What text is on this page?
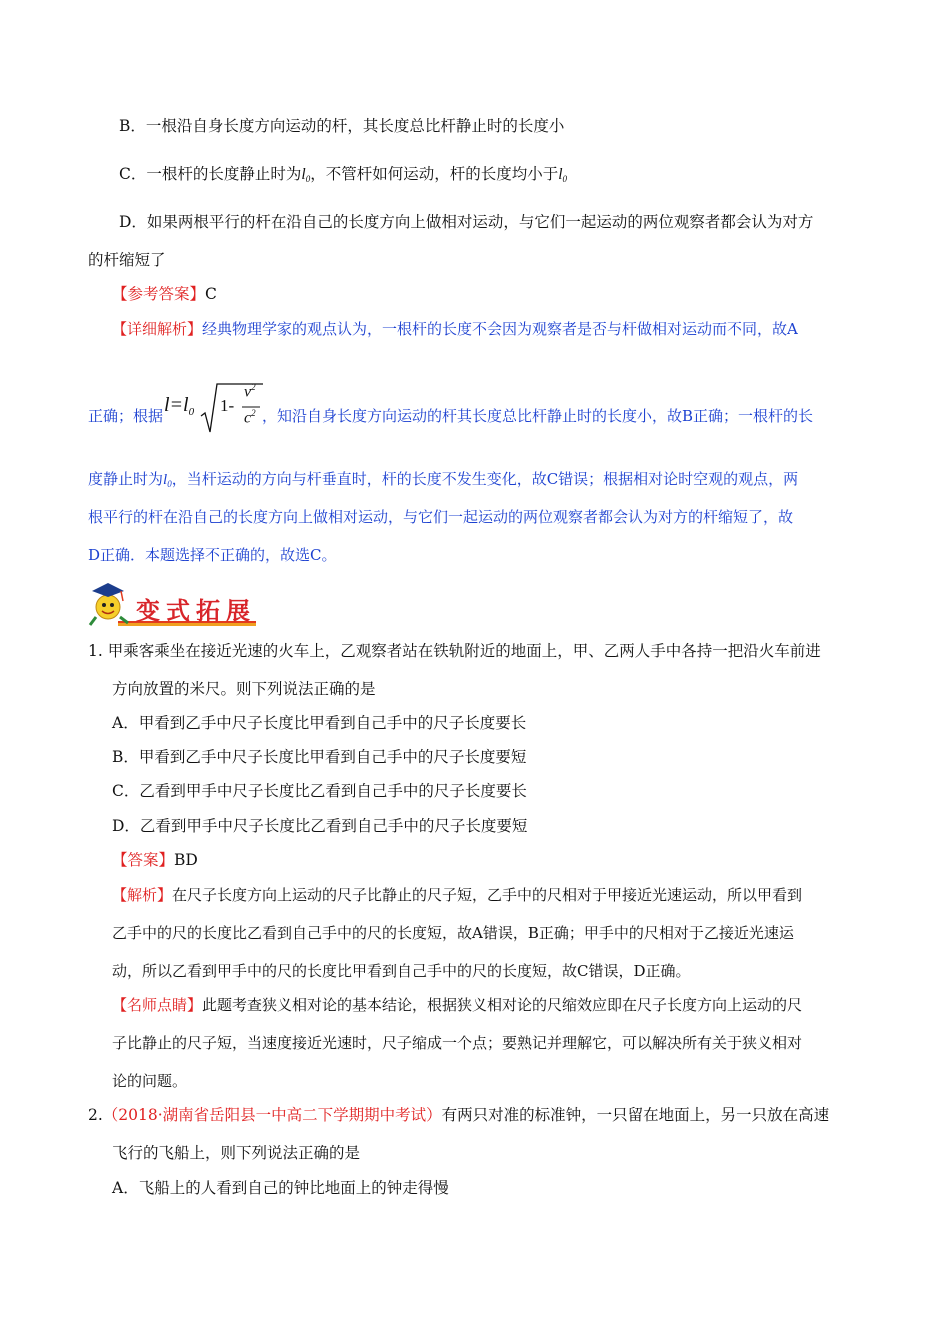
B．一根沿自身长度方向运动的杆，其长度总比杆静止时的长度小
C．一根杆的长度静止时为$l_0$，不管杆如何运动，杆的长度均小于$l_0$
D．如果两根平行的杆在沿自己的长度方向上做相对运动，与它们一起运动的两位观察者都会认为对方
的杆缩短了
【参考答案】C
【详细解析】经典物理学家的观点认为，一根杆的长度不会因为观察者是否与杆做相对运动而不同，故A
正确；根据 $l=l_0$ 1-
$v^2$
$c^2$ ，知沿自身长度方向运动的杆其长度总比杆静止时的长度小，故B正确；一根杆的长
度静止时为$l_0$，当杆运动的方向与杆垂直时，杆的长度不发生变化，故C错误；根据相对论时空观的观点，两
根平行的杆在沿自己的长度方向上做相对运动，与它们一起运动的两位观察者都会认为对方的杆缩短了，故
D正确．本题选择不正确的，故选C。
变式拓展
1. 甲乘客乘坐在接近光速的火车上，乙观察者站在铁轨附近的地面上，甲、乙两人手中各持一把沿火车前进
方向放置的米尺。则下列说法正确的是
A．甲看到乙手中尺子长度比甲看到自己手中的尺子长度要长
B．甲看到乙手中尺子长度比甲看到自己手中的尺子长度要短
C．乙看到甲手中尺子长度比乙看到自己手中的尺子长度要长
D．乙看到甲手中尺子长度比乙看到自己手中的尺子长度要短
【答案】BD
【解析】在尺子长度方向上运动的尺子比静止的尺子短，乙手中的尺相对于甲接近光速运动，所以甲看到
乙手中的尺的长度比乙看到自己手中的尺的长度短，故A错误，B正确；甲手中的尺相对于乙接近光速运
动，所以乙看到甲手中的尺的长度比甲看到自己手中的尺的长度短，故C错误，D正确。
【名师点睛】此题考查狭义相对论的基本结论，根据狭义相对论的尺缩效应即在尺子长度方向上运动的尺
子比静止的尺子短，当速度接近光速时，尺子缩成一个点；要熟记并理解它，可以解决所有关于狭义相对
论的问题。
2.（2018·湖南省岳阳县一中高二下学期期中考试）有两只对准的标准钟，一只留在地面上，另一只放在高速
飞行的飞船上，则下列说法正确的是
A．飞船上的人看到自己的钟比地面上的钟走得慢
